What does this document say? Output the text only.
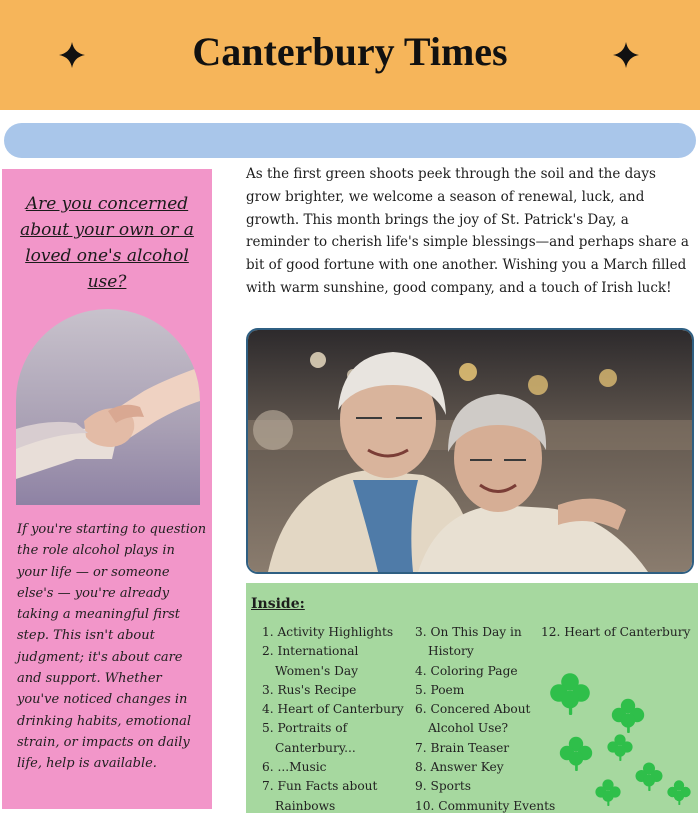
Canterbury Times
Are you concerned about your own or a loved one's alcohol use?

If you're starting to question the role alcohol plays in your life — or someone else's — you're already taking a meaningful first step. This isn't about judgment; it's about care and support. Whether you've noticed changes in drinking habits, emotional strain, or impacts on daily life, help is available.

As the first green shoots peek through the soil and the days grow brighter, we welcome a season of renewal, luck, and growth. This month brings the joy of St. Patrick's Day, a reminder to cherish life's simple blessings—and perhaps share a bit of good fortune with one another. Wishing you a March filled with warm sunshine, good company, and a touch of Irish luck!

Inside:
1. Activity Highlights
2. International
Women's Day
3. Rus's Recipe
4. Heart of Canterbury
5. Portraits of
Canterbury...
6. ...Music
7. Fun Facts about
Rainbows
3. On This Day in
History
4. Coloring Page
5. Poem
6. Concered About
Alcohol Use?
7. Brain Teaser
8. Answer Key
9. Sports
10. Community Events
12. Heart of Canterbury
